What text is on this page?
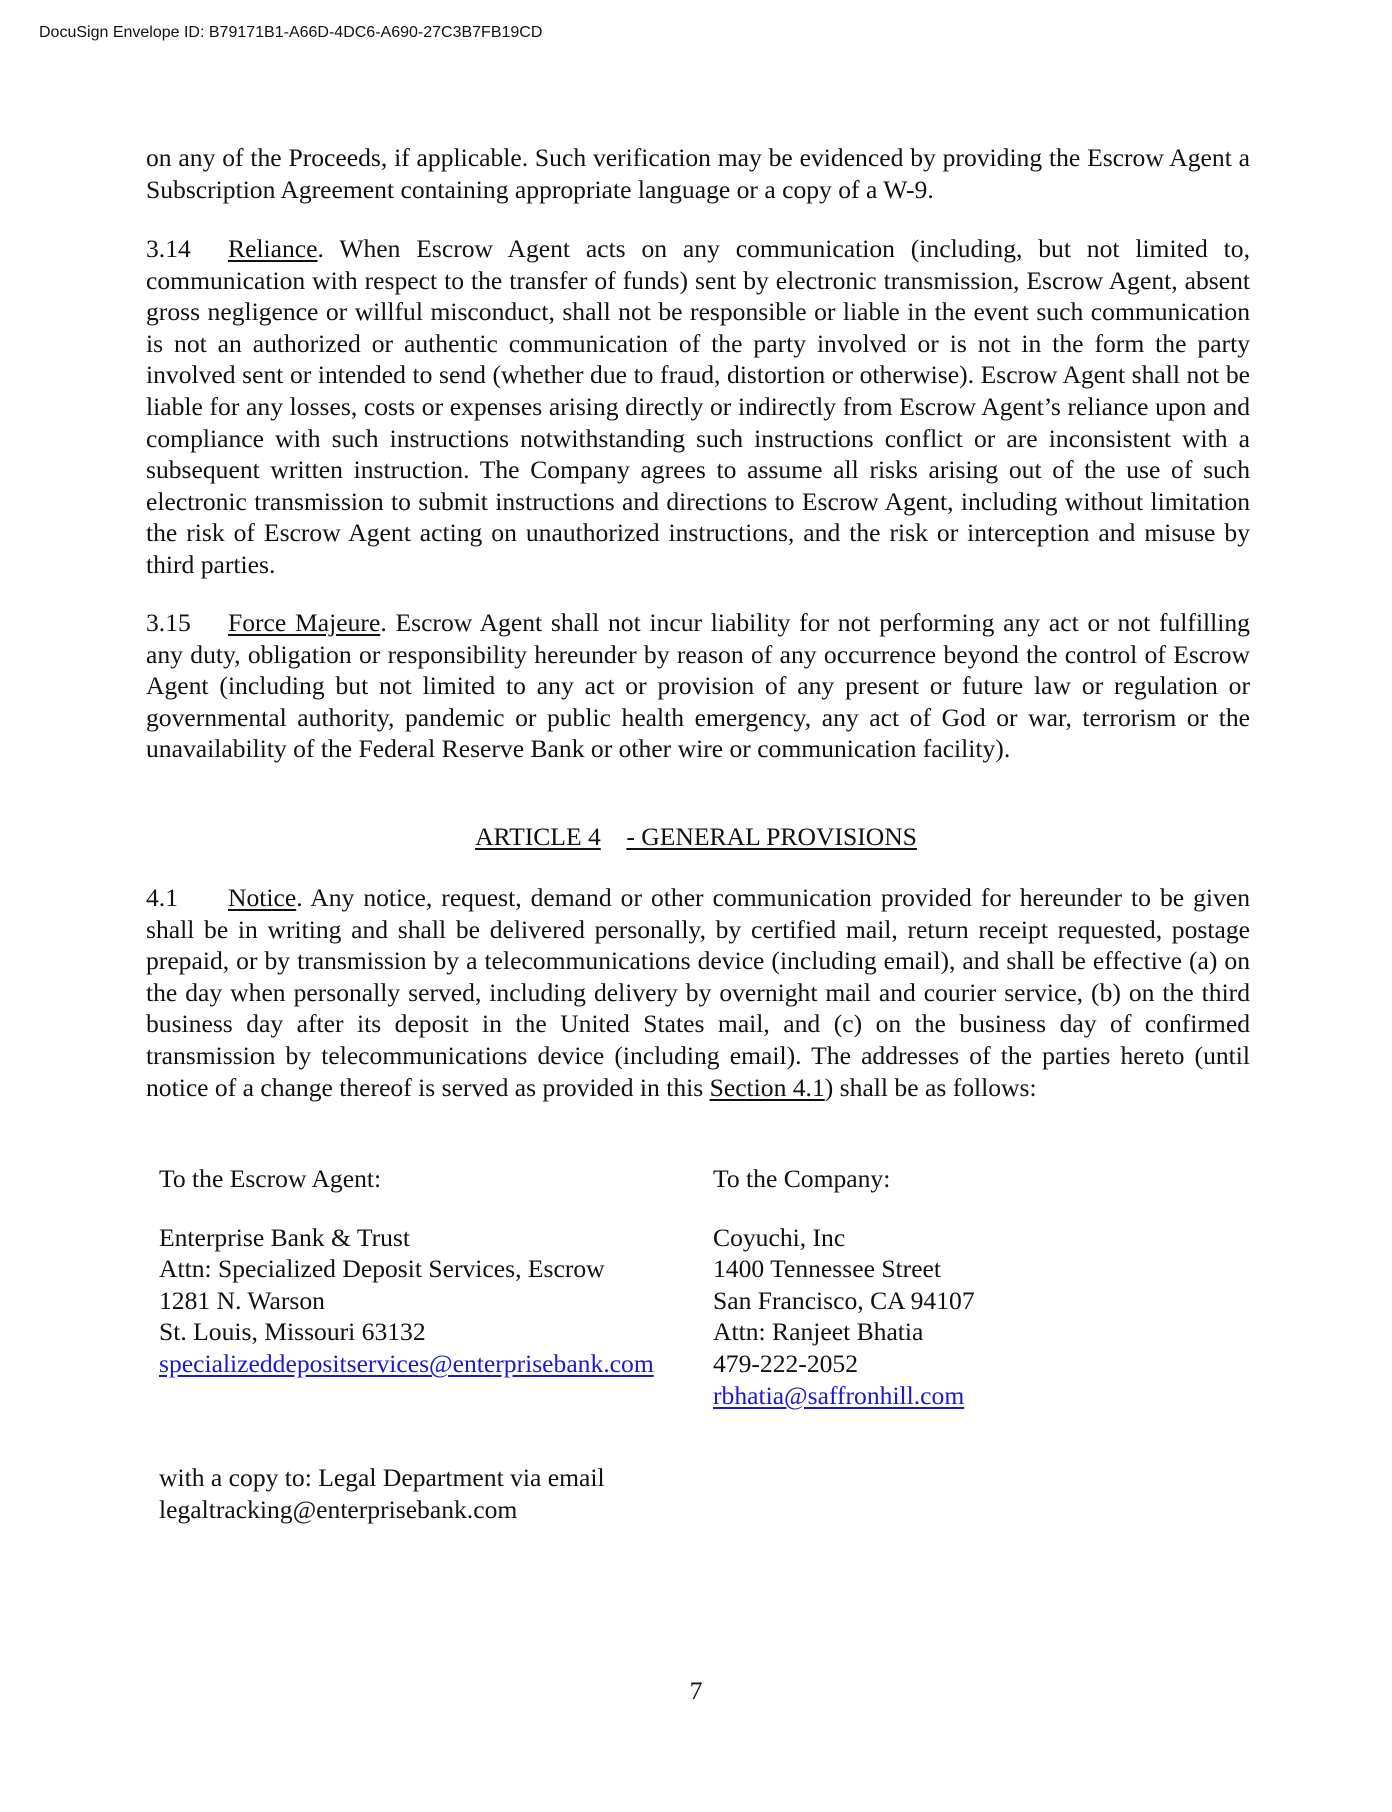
DocuSign Envelope ID: B79171B1-A66D-4DC6-A690-27C3B7FB19CD
on any of the Proceeds, if applicable. Such verification may be evidenced by providing the Escrow Agent a Subscription Agreement containing appropriate language or a copy of a W-9.
3.14 Reliance. When Escrow Agent acts on any communication (including, but not limited to, communication with respect to the transfer of funds) sent by electronic transmission, Escrow Agent, absent gross negligence or willful misconduct, shall not be responsible or liable in the event such communication is not an authorized or authentic communication of the party involved or is not in the form the party involved sent or intended to send (whether due to fraud, distortion or otherwise). Escrow Agent shall not be liable for any losses, costs or expenses arising directly or indirectly from Escrow Agent’s reliance upon and compliance with such instructions notwithstanding such instructions conflict or are inconsistent with a subsequent written instruction. The Company agrees to assume all risks arising out of the use of such electronic transmission to submit instructions and directions to Escrow Agent, including without limitation the risk of Escrow Agent acting on unauthorized instructions, and the risk or interception and misuse by third parties.
3.15 Force Majeure. Escrow Agent shall not incur liability for not performing any act or not fulfilling any duty, obligation or responsibility hereunder by reason of any occurrence beyond the control of Escrow Agent (including but not limited to any act or provision of any present or future law or regulation or governmental authority, pandemic or public health emergency, any act of God or war, terrorism or the unavailability of the Federal Reserve Bank or other wire or communication facility).
ARTICLE 4 - GENERAL PROVISIONS
4.1 Notice. Any notice, request, demand or other communication provided for hereunder to be given shall be in writing and shall be delivered personally, by certified mail, return receipt requested, postage prepaid, or by transmission by a telecommunications device (including email), and shall be effective (a) on the day when personally served, including delivery by overnight mail and courier service, (b) on the third business day after its deposit in the United States mail, and (c) on the business day of confirmed transmission by telecommunications device (including email). The addresses of the parties hereto (until notice of a change thereof is served as provided in this Section 4.1) shall be as follows:
To the Escrow Agent:
Enterprise Bank & Trust
Attn: Specialized Deposit Services, Escrow
1281 N. Warson
St. Louis, Missouri 63132
specializeddepositservices@enterprisebank.com
To the Company:
Coyuchi, Inc
1400 Tennessee Street
San Francisco, CA 94107
Attn: Ranjeet Bhatia
479-222-2052
rbhatia@saffronhill.com
with a copy to: Legal Department via email
legaltracking@enterprisebank.com
7
